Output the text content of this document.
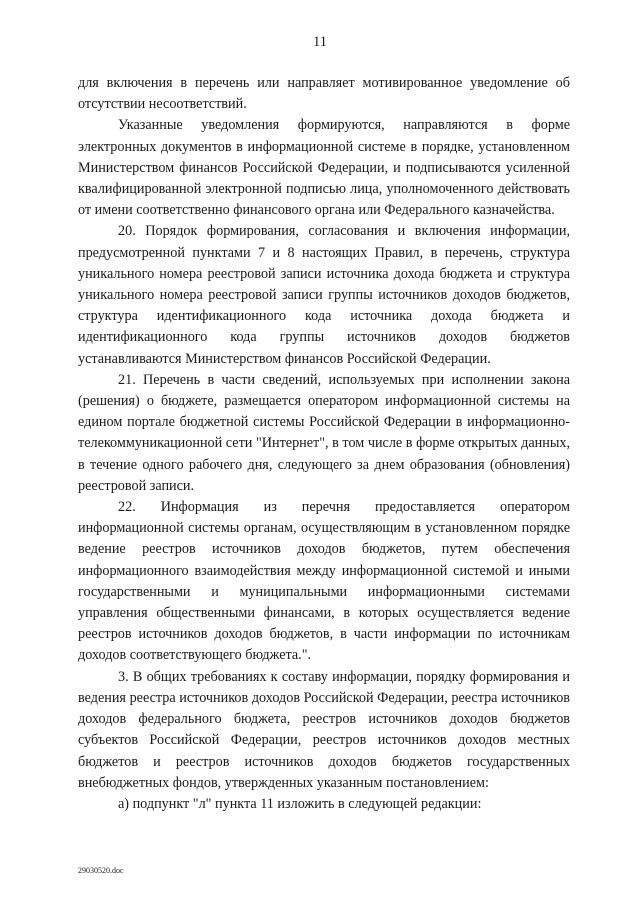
11

для включения в перечень или направляет мотивированное уведомление об отсутствии несоответствий.

Указанные уведомления формируются, направляются в форме электронных документов в информационной системе в порядке, установленном Министерством финансов Российской Федерации, и подписываются усиленной квалифицированной электронной подписью лица, уполномоченного действовать от имени соответственно финансового органа или Федерального казначейства.

20. Порядок формирования, согласования и включения информации, предусмотренной пунктами 7 и 8 настоящих Правил, в перечень, структура уникального номера реестровой записи источника дохода бюджета и структура уникального номера реестровой записи группы источников доходов бюджетов, структура идентификационного кода источника дохода бюджета и идентификационного кода группы источников доходов бюджетов устанавливаются Министерством финансов Российской Федерации.

21. Перечень в части сведений, используемых при исполнении закона (решения) о бюджете, размещается оператором информационной системы на едином портале бюджетной системы Российской Федерации в информационно-телекоммуникационной сети "Интернет", в том числе в форме открытых данных, в течение одного рабочего дня, следующего за днем образования (обновления) реестровой записи.

22. Информация из перечня предоставляется оператором информационной системы органам, осуществляющим в установленном порядке ведение реестров источников доходов бюджетов, путем обеспечения информационного взаимодействия между информационной системой и иными государственными и муниципальными информационными системами управления общественными финансами, в которых осуществляется ведение реестров источников доходов бюджетов, в части информации по источникам доходов соответствующего бюджета.".

3. В общих требованиях к составу информации, порядку формирования и ведения реестра источников доходов Российской Федерации, реестра источников доходов федерального бюджета, реестров источников доходов бюджетов субъектов Российской Федерации, реестров источников доходов местных бюджетов и реестров источников доходов бюджетов государственных внебюджетных фондов, утвержденных указанным постановлением:

а) подпункт "л" пункта 11 изложить в следующей редакции:

29030520.doc
